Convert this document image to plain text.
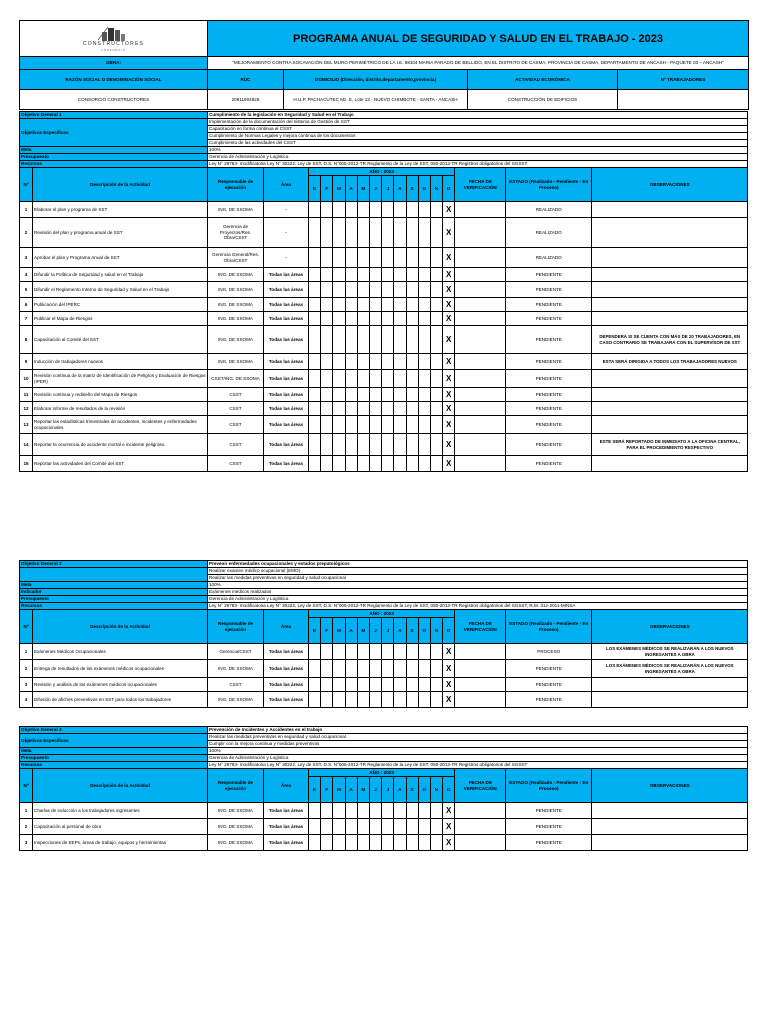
CONSTRUCTORES
CONSORCIO	PROGRAMA ANUAL DE SEGURIDAD Y SALUD EN EL TRABAJO - 2023			
OBRA:	"MEJORAMIENTO CONTRA SOCAVACIÓN DEL MURO PERIMÉTRICO DE LA I.E. 88104 MARIA PARADO DE BELLIDO, EN EL DISTRITO DE CASMA, PROVINCIA DE CASMA, DEPARTAMENTO DE ANCASH - PAQUETE 03 – ANCASH"			
RAZÓN SOCIAL O DENOMINACIÓN SOCIAL	RUC	DOMICILIO (Dirección, distrito,departamento,provincia)	ACTIVIDAD ECONÓMICA	Nº TRABAJADORES
CONSORCIO CONSTRUCTORES	20611904828	H.U.P. PACHACUTEC Mz. E, Lote 13 - NUEVO CHIMBOTE - SANTA - ANCASH	CONSTRUCCIÓN DE EDIFICIOS	
Objetivo General 1		Cumplimiento de la legislación en Seguridad y Salud en el Trabajo																
Objetivos Específicos		Implementación de la documentación del sistema de Gestión de SST																
		Capacitación en forma continua al CSST																
		Cumplimiento de Normas Legales y mejora continua de los documentos																
		Cumplimiento de las actividades del CSST																
Meta		100%																
Presupuesto		Gerencia de Administración y Logística																
Recursos		Ley N° 29783- modificatoria Ley N° 30222, Ley de SST, D.S. N°005-2012-TR Reglamento de la Ley de SST, 050-2013-TR Registros obligatorios del SGSST																
Nº	Descripción de la Actividad	Responsable de ejecución	Área	AÑO : 2023												FECHA DE VERIFICACIÓN	ESTADO (Realizado - Pendiente - En Proceso)	OBSERVACIONES
				E	F	M	A	M	J	J	A	S	O	N	D			
1	Elaborar el plan y programa de SST	ING. DE SSOMA	-												X		REALIZADO	
2	Revisión del plan y programa anual de SST	Gerencia de Proyectos/Res. Obra/CSST	-												X		REALIZADO	
3	Aprobar el plan y Programa Anual de SST	Gerencia General/Res. Obra/CSST	-												X		REALIZADO	
4	Difundir la Política de Seguridad y salud en el Trabajo	ING. DE SSOMA	Todas las áreas												X		PENDIENTE	
5	Difundir el Reglamento Interno de Seguridad y Salud en el Trabajo	ING. DE SSOMA	Todas las áreas												X		PENDIENTE	
6	Publicación del IPERC	ING. DE SSOMA	Todas las áreas												X		PENDIENTE	
7	Publicar el Mapa de Riesgos	ING. DE SSOMA	Todas las áreas												X		PENDIENTE	
8	Capacitación al Comité del SST	ING. DE SSOMA	Todas las áreas												X		PENDIENTE	DEPENDERÁ SI SE CUENTA CON MÁS DE 20 TRABAJADORES, EN CASO CONTRARIO SE TRABAJARÁ CON EL SUPERVISOR DE SST
9	Inducción de trabajadores nuevos	ING. DE SSOMA	Todas las áreas												X		PENDIENTE	ESTA SERÁ DIRIGIDA A TODOS LOS TRABAJADORES NUEVOS
10	Revisión continua de la matriz de Identificación de Peligros y Evaluación de Riesgos (IPER)	CSST/ING. DE SSOMA	Todas las áreas												X		PENDIENTE	
11	Revisión continua y rediseño del Mapa de Riesgos	CSST	Todas las áreas												X		PENDIENTE	
12	Elaborar informe de resultados de la revisión	CSST	Todas las áreas												X		PENDIENTE	
13	Reportar las estadísticas trimestrales de accidentes, incidentes y enfermedades ocupacionales	CSST	Todas las áreas												X		PENDIENTE	
14	Reportar la ocurrencia de accidente mortal e incidente peligroso.	CSST	Todas las áreas												X		PENDIENTE	ESTE SERÁ REPORTADO DE INMEDIATO A LA OFICINA CENTRAL, PARA EL PROCEDIMIENTO RESPECTIVO
15	Reportar las actividades del Comité del SST	CSST	Todas las áreas												X		PENDIENTE	
Objetivo General 2		Prevenir enfermedades ocupacionales y estados prepatológicos																
		Realizar examen médico ocupacional (EMO)																
		Realizar las medidas preventivas en seguridad y salud ocupacional																
Meta		100%																
Indicador		Exámenes médicos realizados																
Presupuesto		Gerencia de Administración y Logística																
Recursos		Ley N° 29783- modificatoria Ley N° 30222, Ley de SST, D.S. N°005-2012-TR Reglamento de la Ley de SST, 050-2013-TR Registros obligatorios del SGSST, R.M. 312-2011-MINSA																
Nº	Descripción de la Actividad	Responsable de ejecución	Área	AÑO : 2023												FECHA DE VERIFICACIÓN	ESTADO (Realizado - Pendiente - En Proceso)	OBSERVACIONES
				E	F	M	A	M	J	J	A	S	O	N	D			
1	Exámenes Médicos Ocupacionales	Gerencia/CSST	Todas las áreas												X		PROCESO	LOS EXÁMENES MÉDICOS SE REALIZARÁN A LOS NUEVOS INGRESANTES A OBRA
2	Entrega de resultados de los exámenes médicos ocupacionales	ING. DE SSOMA	Todas las áreas												X		PENDIENTE	LOS EXÁMENES MÉDICOS SE REALIZARÁN A LOS NUEVOS INGRESANTES A OBRA
3	Revisión y análisis de los exámenes médicos ocupacionales	CSST	Todas las áreas												X		PENDIENTE	
4	Difusión de afiches preventivos en SST para todos los trabajadores	ING. DE SSOMA	Todas las áreas												X		PENDIENTE	
Objetivo General 3		Prevención de Incidentes y Accidentes en el trabajo																
Objetivos Específicos		Realizar las medidas preventivas en seguridad y salud ocupacional																
		Cumplir con la mejora continua y medidas preventivas																
Meta		100%																
Presupuesto		Gerencia de Administración y Logística																
Recursos		Ley N° 29783- modificatoria Ley N° 30222, Ley de SST, D.S. N°005-2012-TR Reglamento de la Ley de SST, 050-2013-TR Registros obligatorios del SGSST																
Nº	Descripción de la Actividad	Responsable de ejecución	Área	AÑO : 2023												FECHA DE VERIFICACIÓN	ESTADO (Realizado - Pendiente - En Proceso)	OBSERVACIONES
				E	F	M	A	M	J	J	A	S	O	N	D			
1	Charlas de inducción a los trabajadores ingresantes	ING. DE SSOMA	Todas las áreas												X		PENDIENTE	
2	Capacitación al personal de obra	ING. DE SSOMA	Todas las áreas												X		PENDIENTE	
3	Inspecciones de EEPs, áreas de trabajo, equipos y herramientas	ING. DE SSOMA	Todas las áreas												X		PENDIENTE	
